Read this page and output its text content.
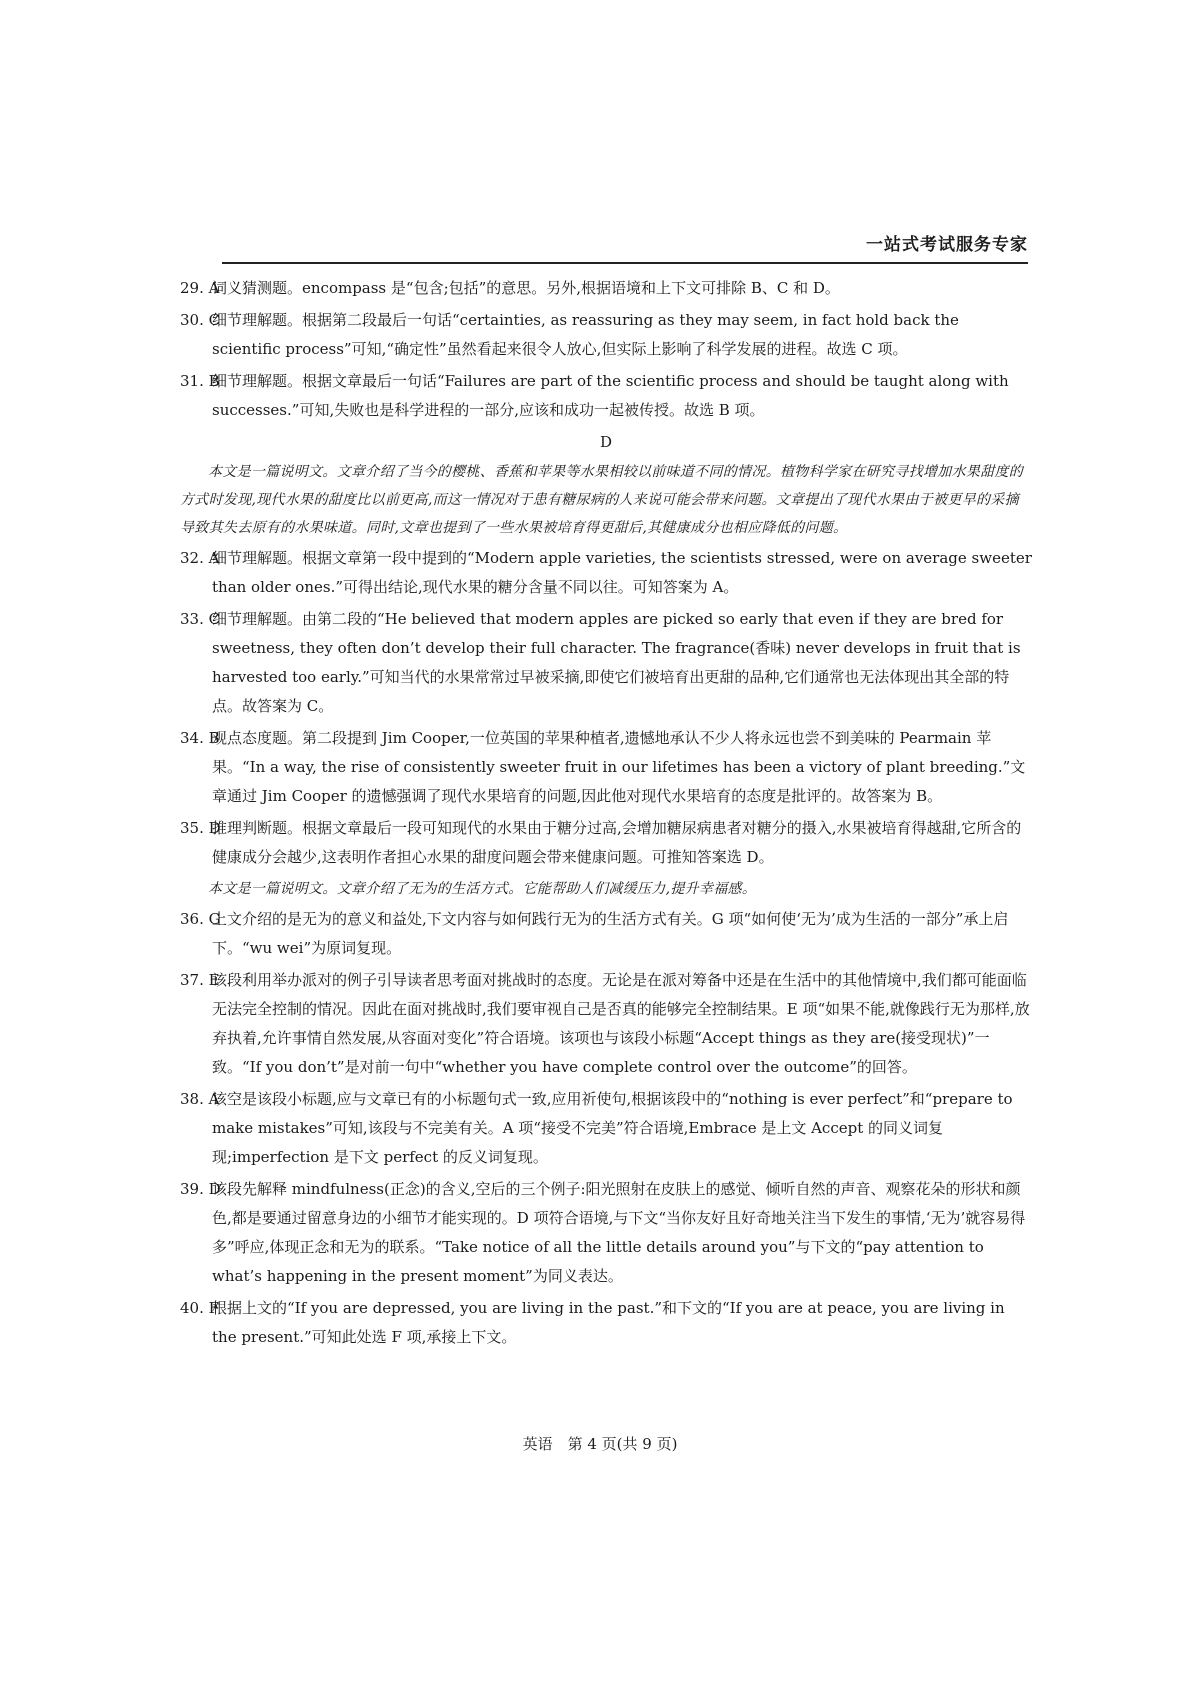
一站式考试服务专家
29. A
词义猜测题。encompass 是“包含;包括”的意思。另外,根据语境和上下文可排除 B、C 和 D。
30. C
细节理解题。根据第二段最后一句话“certainties, as reassuring as they may seem, in fact hold back the scientific process”可知,“确定性”虽然看起来很令人放心,但实际上影响了科学发展的进程。故选 C 项。
31. B
细节理解题。根据文章最后一句话“Failures are part of the scientific process and should be taught along with successes.”可知,失败也是科学进程的一部分,应该和成功一起被传授。故选 B 项。
D
本文是一篇说明文。文章介绍了当今的樱桃、香蕉和苹果等水果相较以前味道不同的情况。植物科学家在研究寻找增加水果甜度的方式时发现,现代水果的甜度比以前更高,而这一情况对于患有糖尿病的人来说可能会带来问题。文章提出了现代水果由于被更早的采摘导致其失去原有的水果味道。同时,文章也提到了一些水果被培育得更甜后,其健康成分也相应降低的问题。
32. A
细节理解题。根据文章第一段中提到的“Modern apple varieties, the scientists stressed, were on average sweeter than older ones.”可得出结论,现代水果的糖分含量不同以往。可知答案为 A。
33. C
细节理解题。由第二段的“He believed that modern apples are picked so early that even if they are bred for sweetness, they often don’t develop their full character. The fragrance(香味) never develops in fruit that is harvested too early.”可知当代的水果常常过早被采摘,即使它们被培育出更甜的品种,它们通常也无法体现出其全部的特点。故答案为 C。
34. B
观点态度题。第二段提到 Jim Cooper,一位英国的苹果种植者,遗憾地承认不少人将永远也尝不到美味的 Pearmain 苹果。“In a way, the rise of consistently sweeter fruit in our lifetimes has been a victory of plant breeding.”文章通过 Jim Cooper 的遗憾强调了现代水果培育的问题,因此他对现代水果培育的态度是批评的。故答案为 B。
35. D
推理判断题。根据文章最后一段可知现代的水果由于糖分过高,会增加糖尿病患者对糖分的摄入,水果被培育得越甜,它所含的健康成分会越少,这表明作者担心水果的甜度问题会带来健康问题。可推知答案选 D。
本文是一篇说明文。文章介绍了无为的生活方式。它能帮助人们减缓压力,提升幸福感。
36. G
上文介绍的是无为的意义和益处,下文内容与如何践行无为的生活方式有关。G 项“如何使‘无为’成为生活的一部分”承上启下。“wu wei”为原词复现。
37. E
该段利用举办派对的例子引导读者思考面对挑战时的态度。无论是在派对筹备中还是在生活中的其他情境中,我们都可能面临无法完全控制的情况。因此在面对挑战时,我们要审视自己是否真的能够完全控制结果。E 项“如果不能,就像践行无为那样,放弃执着,允许事情自然发展,从容面对变化”符合语境。该项也与该段小标题“Accept things as they are(接受现状)”一致。“If you don’t”是对前一句中“whether you have complete control over the outcome”的回答。
38. A
该空是该段小标题,应与文章已有的小标题句式一致,应用祈使句,根据该段中的“nothing is ever perfect”和“prepare to make mistakes”可知,该段与不完美有关。A 项“接受不完美”符合语境,Embrace 是上文 Accept 的同义词复现;imperfection 是下文 perfect 的反义词复现。
39. D
该段先解释 mindfulness(正念)的含义,空后的三个例子:阳光照射在皮肤上的感觉、倾听自然的声音、观察花朵的形状和颜色,都是要通过留意身边的小细节才能实现的。D 项符合语境,与下文“当你友好且好奇地关注当下发生的事情,‘无为’就容易得多”呼应,体现正念和无为的联系。“Take notice of all the little details around you”与下文的“pay attention to what’s happening in the present moment”为同义表达。
40. F
根据上文的“If you are depressed, you are living in the past.”和下文的“If you are at peace, you are living in the present.”可知此处选 F 项,承接上下文。
英语　第 4 页(共 9 页)
